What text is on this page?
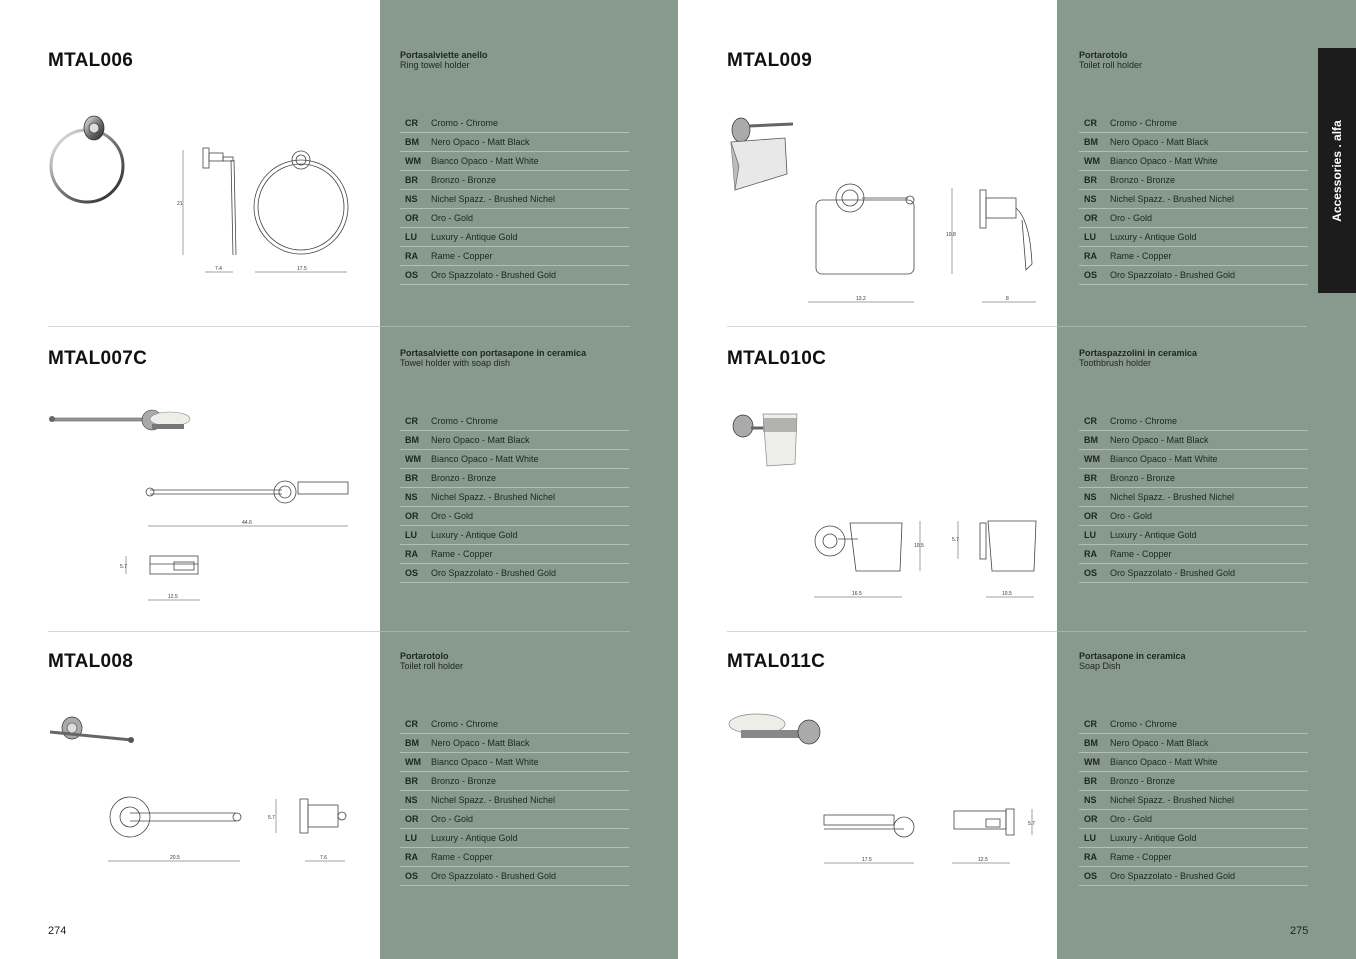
Accessories . alfa
MTAL006	Portasalviette anello
Ring towel holder
CR	Cromo - Chrome
BM	Nero Opaco - Matt Black
WM	Bianco Opaco - Matt White
BR	Bronzo - Bronze
NS	Nichel Spazz. - Brushed Nichel
OR	Oro - Gold
LU	Luxury - Antique Gold
RA	Rame - Copper
OS	Oro Spazzolato - Brushed Gold
21
7.4	17.5
MTAL007C	Portasalviette con portasapone in ceramica
Towel holder with soap dish
CR	Cromo - Chrome
BM	Nero Opaco - Matt Black
WM	Bianco Opaco - Matt White
BR	Bronzo - Bronze
NS	Nichel Spazz. - Brushed Nichel
OR	Oro - Gold
LU	Luxury - Antique Gold
RA	Rame - Copper
OS	Oro Spazzolato - Brushed Gold
44.6
5.7
12.5
MTAL008	Portarotolo
Toilet roll holder
CR	Cromo - Chrome
BM	Nero Opaco - Matt Black
WM	Bianco Opaco - Matt White
BR	Bronzo - Bronze
NS	Nichel Spazz. - Brushed Nichel
OR	Oro - Gold
LU	Luxury - Antique Gold
RA	Rame - Copper
OS	Oro Spazzolato - Brushed Gold
20.5
5.7
7.6
MTAL009	Portarotolo
Toilet roll holder
CR	Cromo - Chrome
BM	Nero Opaco - Matt Black
WM	Bianco Opaco - Matt White
BR	Bronzo - Bronze
NS	Nichel Spazz. - Brushed Nichel
OR	Oro - Gold
LU	Luxury - Antique Gold
RA	Rame - Copper
OS	Oro Spazzolato - Brushed Gold
13.2
10.8
8
MTAL010C	Portaspazzolini in ceramica
Toothbrush holder
CR	Cromo - Chrome
BM	Nero Opaco - Matt Black
WM	Bianco Opaco - Matt White
BR	Bronzo - Bronze
NS	Nichel Spazz. - Brushed Nichel
OR	Oro - Gold
LU	Luxury - Antique Gold
RA	Rame - Copper
OS	Oro Spazzolato - Brushed Gold
16.5
10.5
5.7
10.5
MTAL011C	Portasapone in ceramica
Soap Dish
CR	Cromo - Chrome
BM	Nero Opaco - Matt Black
WM	Bianco Opaco - Matt White
BR	Bronzo - Bronze
NS	Nichel Spazz. - Brushed Nichel
OR	Oro - Gold
LU	Luxury - Antique Gold
RA	Rame - Copper
OS	Oro Spazzolato - Brushed Gold
17.5	12.5
5.7
274	275
